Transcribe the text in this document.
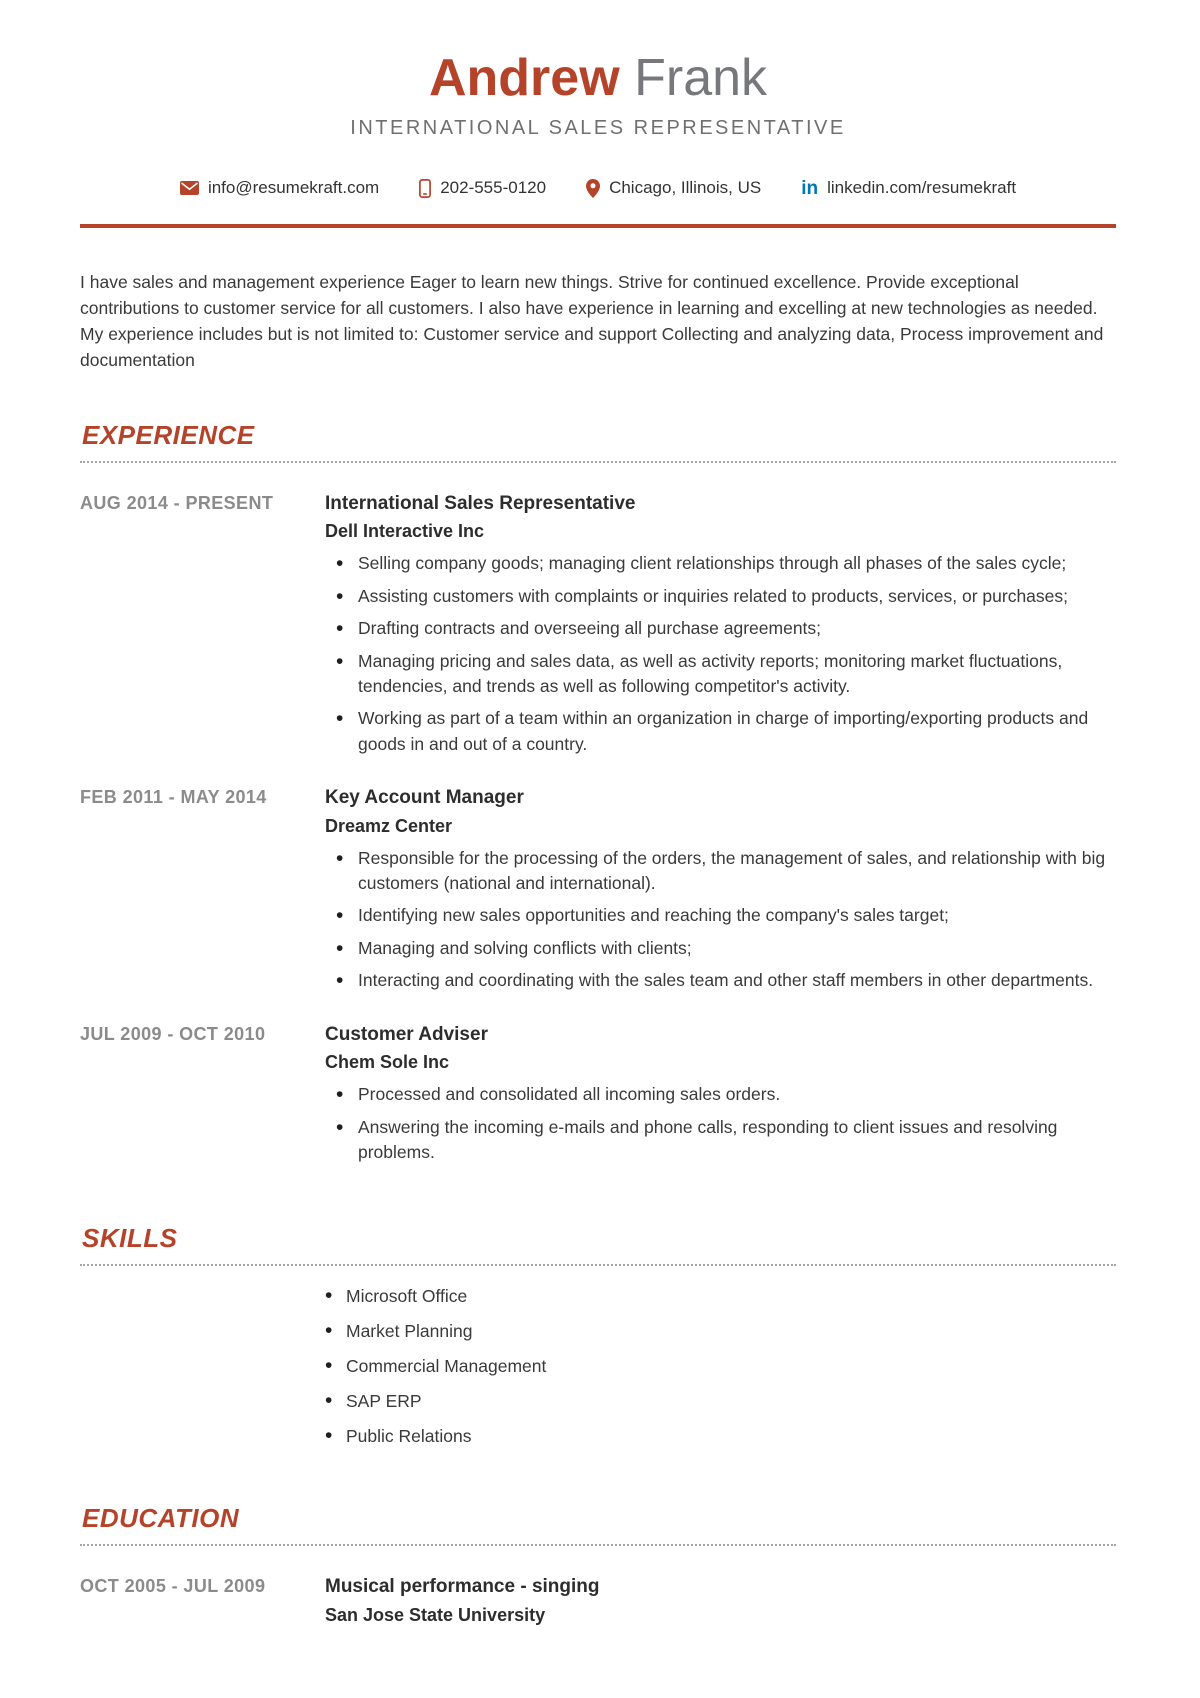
Andrew Frank
INTERNATIONAL SALES REPRESENTATIVE
info@resumekraft.com	202-555-0120	Chicago, Illinois, US in linkedin.com/resumekraft

I have sales and management experience Eager to learn new things. Strive for continued excellence. Provide exceptional contributions to customer service for all customers. I also have experience in learning and excelling at new technologies as needed. My experience includes but is not limited to: Customer service and support Collecting and analyzing data, Process improvement and documentation

EXPERIENCE
AUG 2014 - PRESENT	International Sales Representative
Dell Interactive Inc
• Selling company goods; managing client relationships through all phases of the sales cycle;
• Assisting customers with complaints or inquiries related to products, services, or purchases;
• Drafting contracts and overseeing all purchase agreements;
• Managing pricing and sales data, as well as activity reports; monitoring market fluctuations, tendencies, and trends as well as following competitor's activity.
• Working as part of a team within an organization in charge of importing/exporting products and goods in and out of a country.
FEB 2011 - MAY 2014	Key Account Manager
Dreamz Center
• Responsible for the processing of the orders, the management of sales, and relationship with big customers (national and international).
• Identifying new sales opportunities and reaching the company's sales target;
• Managing and solving conflicts with clients;
• Interacting and coordinating with the sales team and other staff members in other departments.
JUL 2009 - OCT 2010	Customer Adviser
Chem Sole Inc
• Processed and consolidated all incoming sales orders.
• Answering the incoming e-mails and phone calls, responding to client issues and resolving problems.
SKILLS
• Microsoft Office
• Market Planning
• Commercial Management
• SAP ERP
• Public Relations
EDUCATION
OCT 2005 - JUL 2009	Musical performance - singing
San Jose State University
